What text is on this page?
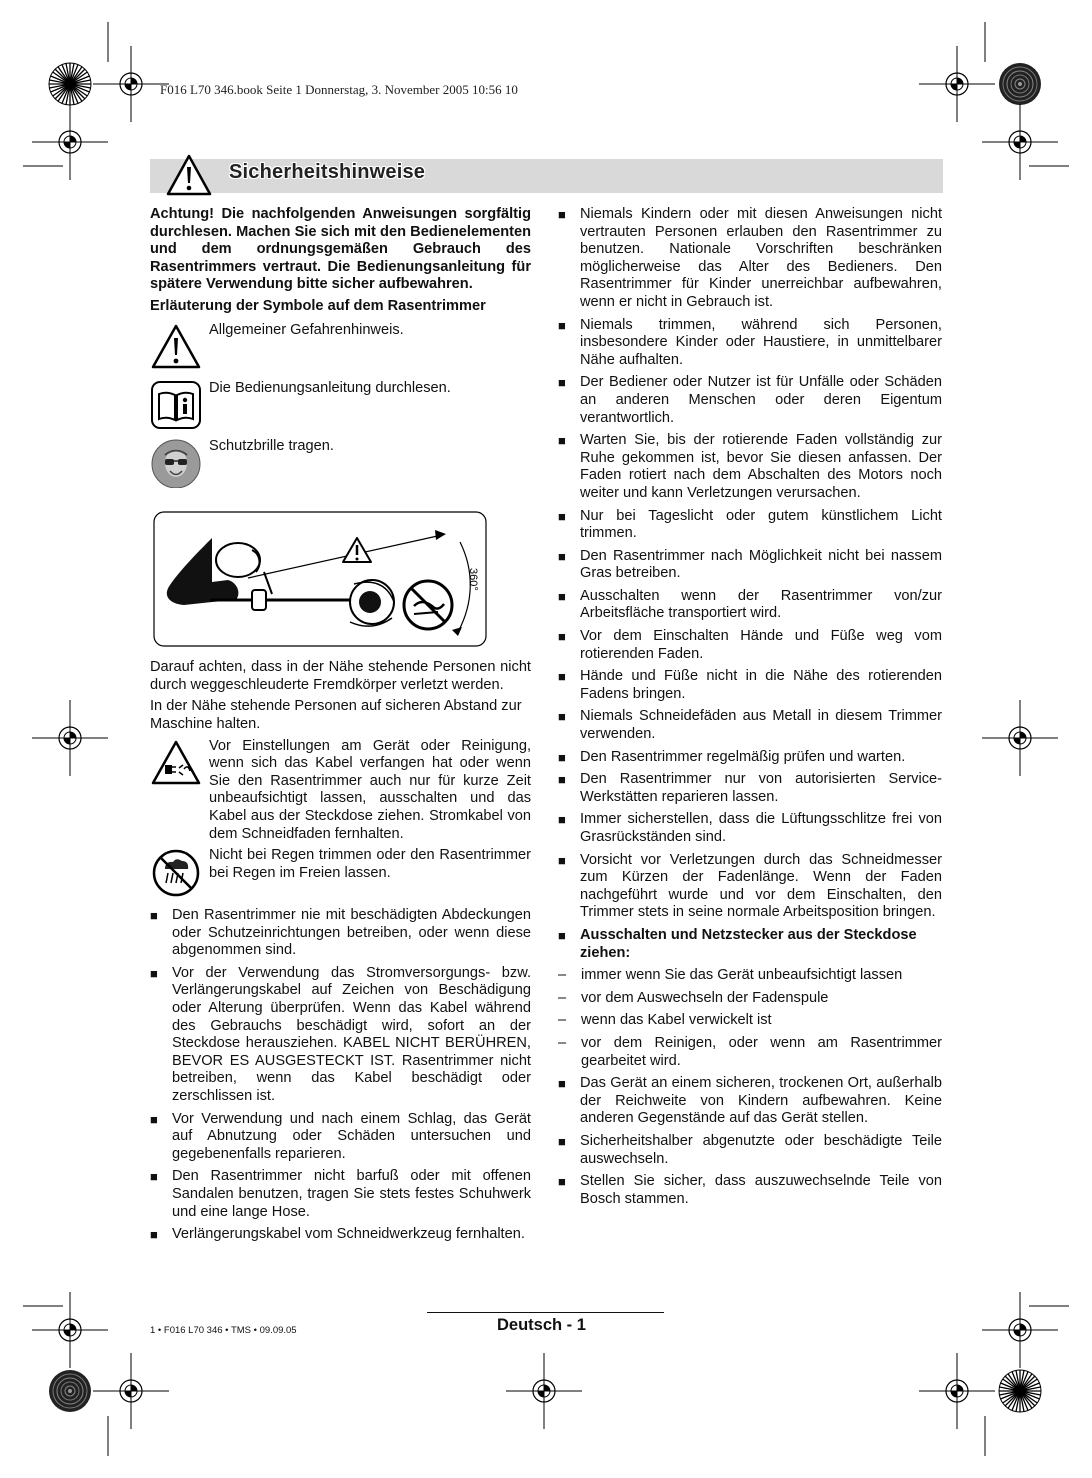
F016 L70 346.book Seite 1 Donnerstag, 3. November 2005 10:56 10
Sicherheitshinweise

Achtung! Die nachfolgenden Anweisungen sorgfältig durchlesen. Machen Sie sich mit den Bedienelementen und dem ordnungsgemäßen Gebrauch des Rasentrimmers vertraut. Die Bedienungsanleitung für spätere Verwendung bitte sicher aufbewahren.

Erläuterung der Symbole auf dem Rasentrimmer

Allgemeiner Gefahrenhinweis.
Die Bedienungsanleitung durchlesen.
Schutzbrille tragen.
360°

Darauf achten, dass in der Nähe stehende Personen nicht durch weggeschleuderte Fremdkörper verletzt werden.

In der Nähe stehende Personen auf sicheren Abstand zur Maschine halten.

Vor Einstellungen am Gerät oder Reinigung, wenn sich das Kabel verfangen hat oder wenn Sie den Rasentrimmer auch nur für kurze Zeit unbeaufsichtigt lassen, ausschalten und das Kabel aus der Steckdose ziehen. Stromkabel von dem Schneidfaden fernhalten.
Nicht bei Regen trimmen oder den Rasentrimmer bei Regen im Freien lassen.
■ Den Rasentrimmer nie mit beschädigten Abdeckungen oder Schutzeinrichtungen betreiben, oder wenn diese abgenommen sind.
■ Vor der Verwendung das Stromversorgungs- bzw. Verlängerungskabel auf Zeichen von Beschädigung oder Alterung überprüfen. Wenn das Kabel während des Gebrauchs beschädigt wird, sofort an der Steckdose herausziehen. KABEL NICHT BERÜHREN, BEVOR ES AUSGESTECKT IST. Rasentrimmer nicht betreiben, wenn das Kabel beschädigt oder zerschlissen ist.
■ Vor Verwendung und nach einem Schlag, das Gerät auf Abnutzung oder Schäden untersuchen und gegebenenfalls reparieren.
■ Den Rasentrimmer nicht barfuß oder mit offenen Sandalen benutzen, tragen Sie stets festes Schuhwerk und eine lange Hose.
■ Verlängerungskabel vom Schneidwerkzeug fernhalten.
■ Niemals Kindern oder mit diesen Anweisungen nicht vertrauten Personen erlauben den Rasentrimmer zu benutzen. Nationale Vorschriften beschränken möglicherweise das Alter des Bedieners. Den Rasentrimmer für Kinder unerreichbar aufbewahren, wenn er nicht in Gebrauch ist.
■ Niemals trimmen, während sich Personen, insbesondere Kinder oder Haustiere, in unmittelbarer Nähe aufhalten.
■ Der Bediener oder Nutzer ist für Unfälle oder Schäden an anderen Menschen oder deren Eigentum verantwortlich.
■ Warten Sie, bis der rotierende Faden vollständig zur Ruhe gekommen ist, bevor Sie diesen anfassen. Der Faden rotiert nach dem Abschalten des Motors noch weiter und kann Verletzungen verursachen.
■ Nur bei Tageslicht oder gutem künstlichem Licht trimmen.
■ Den Rasentrimmer nach Möglichkeit nicht bei nassem Gras betreiben.
■ Ausschalten wenn der Rasentrimmer von/zur Arbeitsfläche transportiert wird.
■ Vor dem Einschalten Hände und Füße weg vom rotierenden Faden.
■ Hände und Füße nicht in die Nähe des rotierenden Fadens bringen.
■ Niemals Schneidefäden aus Metall in diesem Trimmer verwenden.
■ Den Rasentrimmer regelmäßig prüfen und warten.
■ Den Rasentrimmer nur von autorisierten Service-Werkstätten reparieren lassen.
■ Immer sicherstellen, dass die Lüftungsschlitze frei von Grasrückständen sind.
■ Vorsicht vor Verletzungen durch das Schneidmesser zum Kürzen der Fadenlänge. Wenn der Faden nachgeführt wurde und vor dem Einschalten, den Trimmer stets in seine normale Arbeitsposition bringen.
■ Ausschalten und Netzstecker aus der Steckdose ziehen:
–	immer wenn Sie das Gerät unbeaufsichtigt lassen
–	vor dem Auswechseln der Fadenspule
–	wenn das Kabel verwickelt ist
–	vor dem Reinigen, oder wenn am Rasentrimmer gearbeitet wird.
■ Das Gerät an einem sicheren, trockenen Ort, außerhalb der Reichweite von Kindern aufbewahren. Keine anderen Gegenstände auf das Gerät stellen.
■ Sicherheitshalber abgenutzte oder beschädigte Teile auswechseln.
■ Stellen Sie sicher, dass auszuwechselnde Teile von Bosch stammen.
1 • F016 L70 346 • TMS • 09.09.05	Deutsch - 1
